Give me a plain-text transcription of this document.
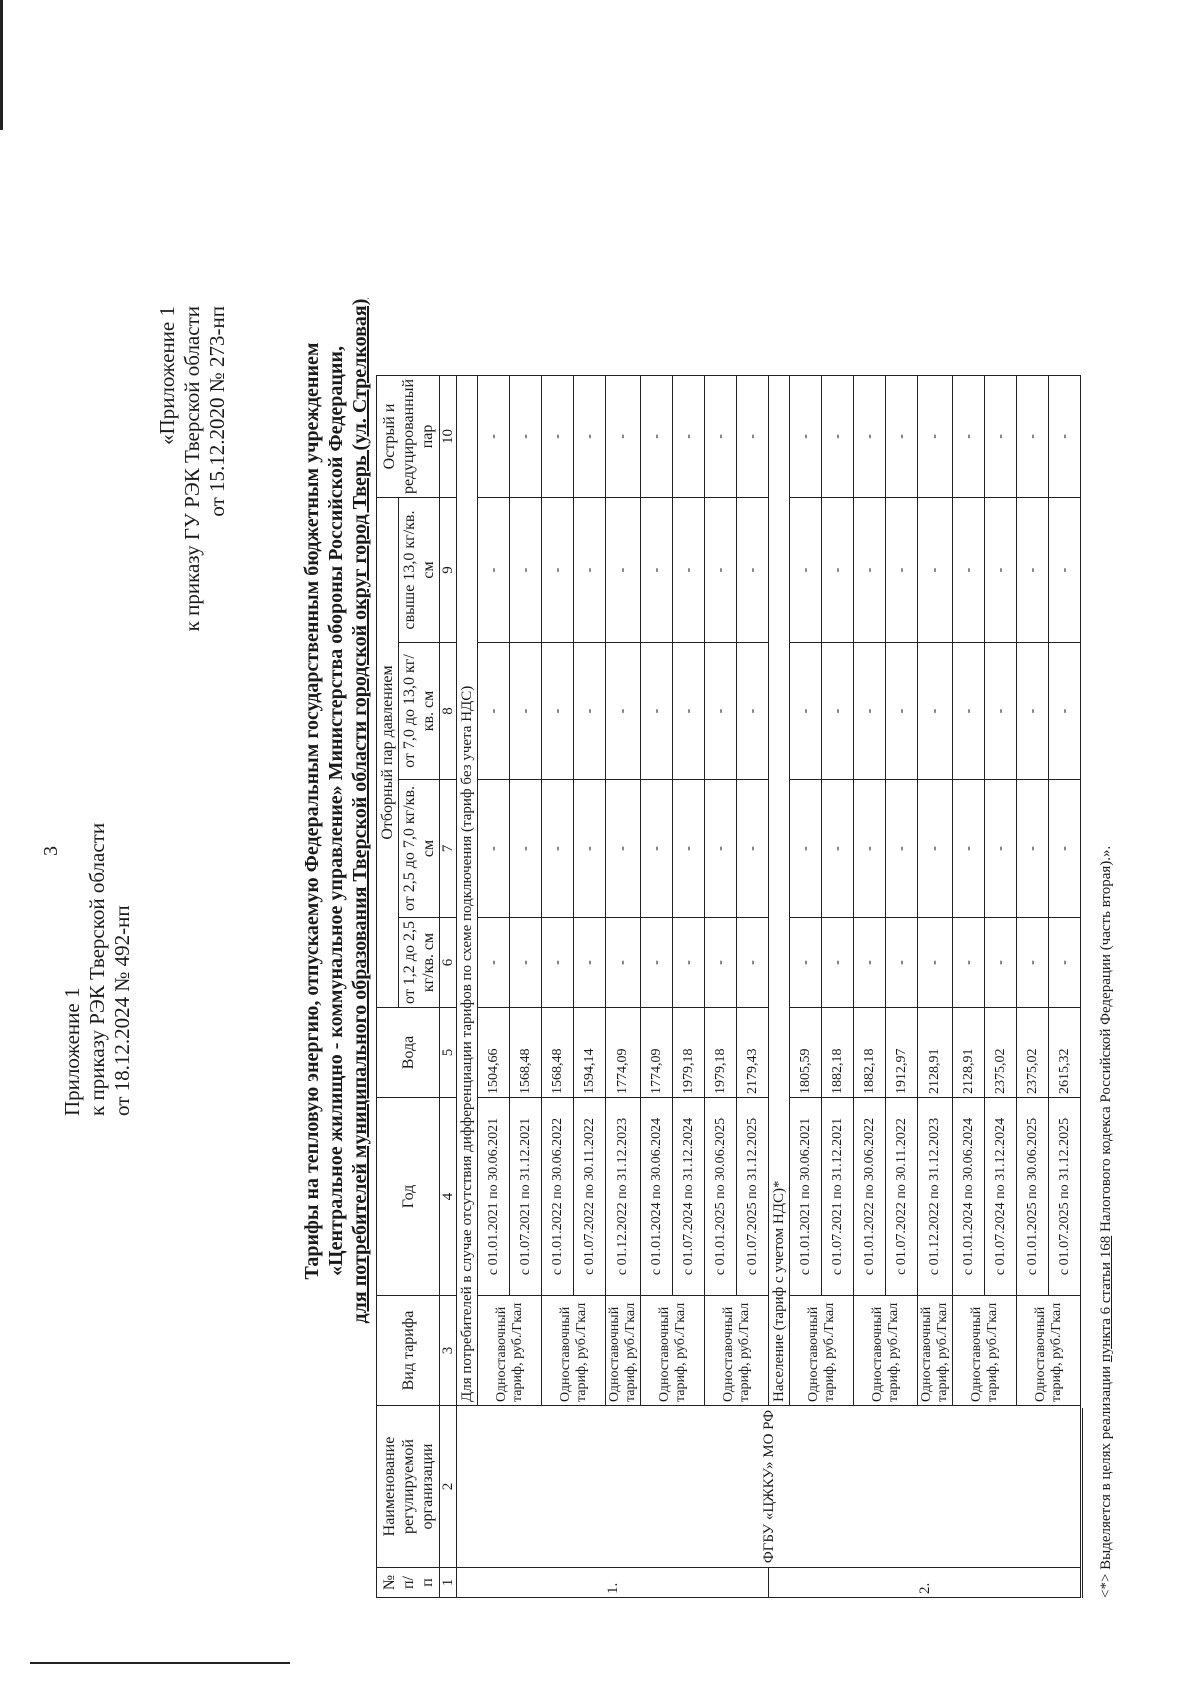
3
Приложение 1 к приказу РЭК Тверской области от 18.12.2024 № 492-нп
«Приложение 1 к приказу ГУ РЭК Тверской области от 15.12.2020 № 273-нп	Тарифы на тепловую энергию, отпускаемую Федеральным государственным бюджетным учреждением «Центральное жилищно - коммунальное управление» Министерства обороны Российской Федерации, для потребителей муниципального образования Тверской области городской округ город Тверь (ул. Стрелковая)
№ п/ п	Наименование регулируемой организации	Вид тарифа	Год	Вода	Отборный пар давлением				Острый и редуцированный пар
					от 1,2 до 2,5 кг/кв. см	от 2,5 до 7,0 кг/кв. см	от 7,0 до 13,0 кг/кв. см	свыше 13,0 кг/кв. см	
1	2	3	4	5	6	7	8	9	10
1.	ФГБУ «ЦЖКУ» МО РФ	Для потребителей в случае отсутствия дифференциации тарифов по схеме подключения (тариф без учета НДС)							
		Одноставочный тариф, руб./Гкал	с 01.01.2021 по 30.06.2021	1504,66	-	-	-	-	-
			с 01.07.2021 по 31.12.2021	1568,48	-	-	-	-	-
		Одноставочный тариф, руб./Гкал	с 01.01.2022 по 30.06.2022	1568,48	-	-	-	-	-
			с 01.07.2022 по 30.11.2022	1594,14	-	-	-	-	-
		Одноставочный тариф, руб./Гкал	с 01.12.2022 по 31.12.2023	1774,09	-	-	-	-	-
		Одноставочный тариф, руб./Гкал	с 01.01.2024 по 30.06.2024	1774,09	-	-	-	-	-
			с 01.07.2024 по 31.12.2024	1979,18	-	-	-	-	-
		Одноставочный тариф, руб./Гкал	с 01.01.2025 по 30.06.2025	1979,18	-	-	-	-	-
			с 01.07.2025 по 31.12.2025	2179,43	-	-	-	-	-
2.		Население (тариф с учетом НДС)*							
		Одноставочный тариф, руб./Гкал	с 01.01.2021 по 30.06.2021	1805,59	-	-	-	-	-
			с 01.07.2021 по 31.12.2021	1882,18	-	-	-	-	-
		Одноставочный тариф, руб./Гкал	с 01.01.2022 по 30.06.2022	1882,18	-	-	-	-	-
			с 01.07.2022 по 30.11.2022	1912,97	-	-	-	-	-
		Одноставочный тариф, руб./Гкал	с 01.12.2022 по 31.12.2023	2128,91	-	-	-	-	-
		Одноставочный тариф, руб./Гкал	с 01.01.2024 по 30.06.2024	2128,91	-	-	-	-	-
			с 01.07.2024 по 31.12.2024	2375,02	-	-	-	-	-
		Одноставочный тариф, руб./Гкал	с 01.01.2025 по 30.06.2025	2375,02	-	-	-	-	-
			с 01.07.2025 по 31.12.2025	2615,32	-	-	-	-	-
<*> Выделяется в целях реализации пункта 6 статьи 168 Налогового кодекса Российской Федерации (часть вторая).».
